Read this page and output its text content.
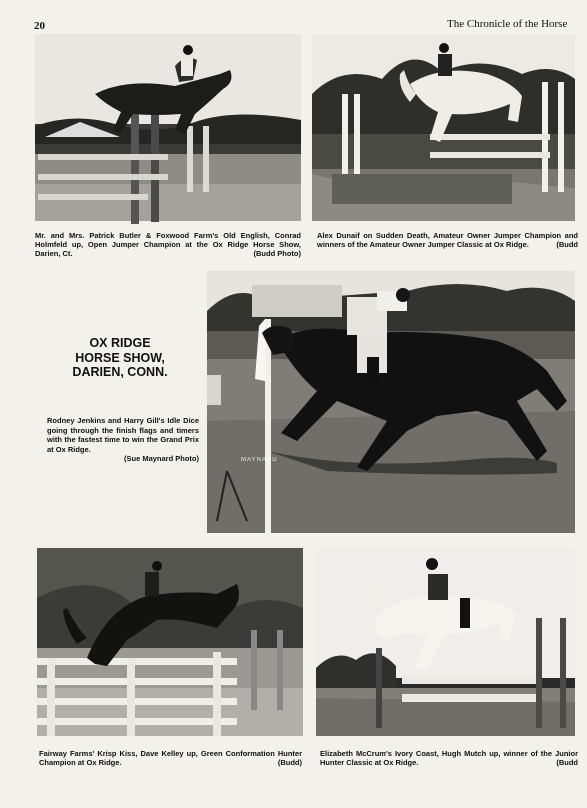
20	The Chronicle of the Horse
Mr. and Mrs. Patrick Butler & Foxwood Farm's Old English, Conrad Holmfeld up, Open Jumper Champion at the Ox Ridge Horse Show, Darien, Ct.	(Budd Photo)
Alex Dunaif on Sudden Death, Amateur Owner Jumper Champion and winners of the Amateur Owner Jumper Classic at Ox Ridge.	(Budd
OX RIDGE
HORSE SHOW,
DARIEN, CONN.
Rodney Jenkins and Harry Gill's Idle Dice going through the finish flags and timers with the fastest time to win the Grand Prix at Ox Ridge.
(Sue Maynard Photo)	MAYNARD
Fairway Farms' Krisp Kiss, Dave Kelley up, Green Conformation Hunter Champion at Ox Ridge.	(Budd)
Elizabeth McCrum's Ivory Coast, Hugh Mutch up, winner of the Junior Hunter Classic at Ox Ridge.	(Budd
